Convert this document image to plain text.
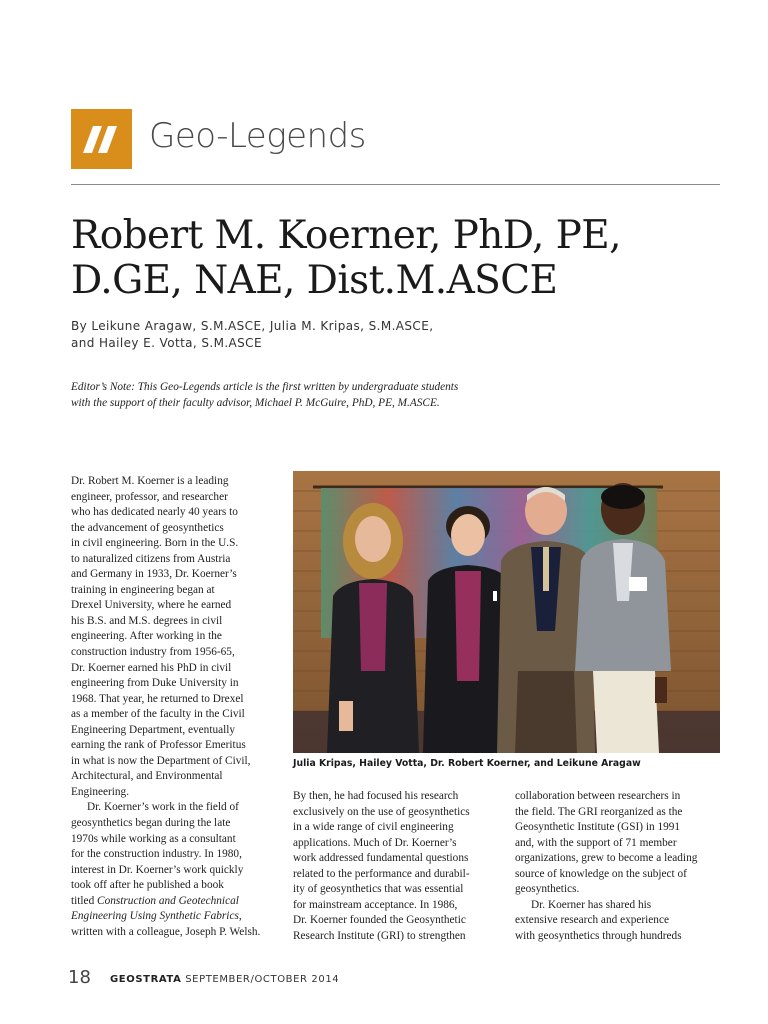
Geo-Legends
Robert M. Koerner, PhD, PE, D.GE, NAE, Dist.M.ASCE
By Leikune Aragaw, S.M.ASCE, Julia M. Kripas, S.M.ASCE,
and Hailey E. Votta, S.M.ASCE
Editor’s Note: This Geo-Legends article is the first written by undergraduate students
with the support of their faculty advisor, Michael P. McGuire, PhD, PE, M.ASCE.
Dr. Robert M. Koerner is a leading
engineer, professor, and researcher
who has dedicated nearly 40 years to
the advancement of geosynthetics
in civil engineering. Born in the U.S.
to naturalized citizens from Austria
and Germany in 1933, Dr. Koerner’s
training in engineering began at
Drexel University, where he earned
his B.S. and M.S. degrees in civil
engineering. After working in the
construction industry from 1956-65,
Dr. Koerner earned his PhD in civil
engineering from Duke University in
1968. That year, he returned to Drexel
as a member of the faculty in the Civil
Engineering Department, eventually
earning the rank of Professor Emeritus
in what is now the Department of Civil,
Architectural, and Environmental
Engineering.
Dr. Koerner’s work in the field of
geosynthetics began during the late
1970s while working as a consultant
for the construction industry. In 1980,
interest in Dr. Koerner’s work quickly
took off after he published a book
titled Construction and Geotechnical
Engineering Using Synthetic Fabrics,
written with a colleague, Joseph P. Welsh.
Julia Kripas, Hailey Votta, Dr. Robert Koerner, and Leikune Aragaw
By then, he had focused his research
exclusively on the use of geosynthetics
in a wide range of civil engineering
applications. Much of Dr. Koerner’s
work addressed fundamental questions
related to the performance and durabil-
ity of geosynthetics that was essential
for mainstream acceptance. In 1986,
Dr. Koerner founded the Geosynthetic
Research Institute (GRI) to strengthen
collaboration between researchers in
the field. The GRI reorganized as the
Geosynthetic Institute (GSI) in 1991
and, with the support of 71 member
organizations, grew to become a leading
source of knowledge on the subject of
geosynthetics.
Dr. Koerner has shared his
extensive research and experience
with geosynthetics through hundreds
18 GEOSTRATA SEPTEMBER/OCTOBER 2014
